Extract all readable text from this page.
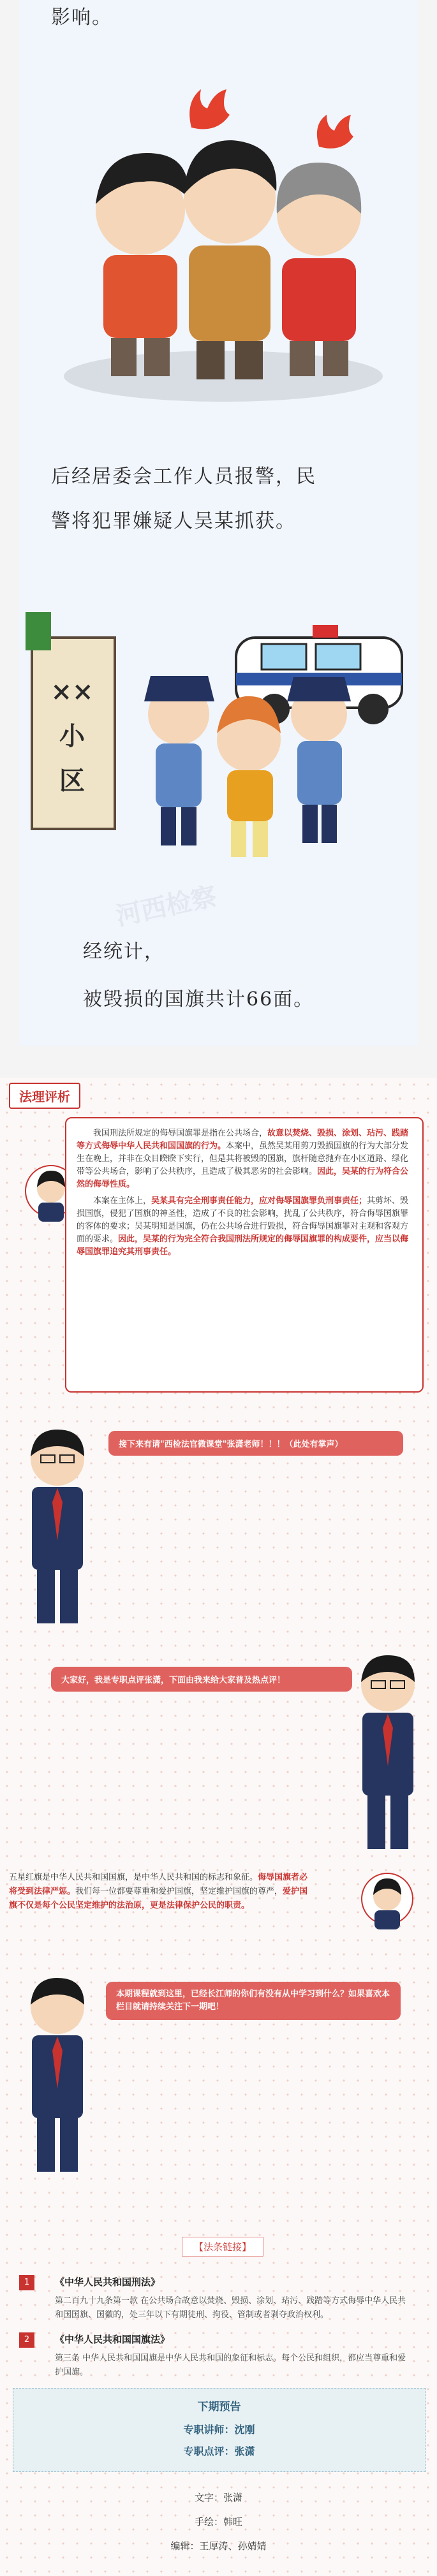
影响。
后经居委会工作人员报警，民
警将犯罪嫌疑人吴某抓获。
××小区
河西检察
经统计，
被毁损的国旗共计66面。
法理评析

我国刑法所规定的侮辱国旗罪是指在公共场合，故意以焚烧、毁损、涂划、玷污、践踏等方式侮辱中华人民共和国国旗的行为。本案中，虽然吴某用剪刀毁损国旗的行为大部分发生在晚上，并非在众目睽睽下实行，但是其将被毁的国旗，旗杆随意抛弃在小区道路、绿化带等公共场合，影响了公共秩序，且造成了极其恶劣的社会影响。因此，吴某的行为符合公然的侮辱性质。

本案在主体上，吴某具有完全刑事责任能力，应对侮辱国旗罪负刑事责任；其剪坏、毁损国旗，侵犯了国旗的神圣性，造成了不良的社会影响，扰乱了公共秩序，符合侮辱国旗罪的客体的要求；吴某明知是国旗，仍在公共场合进行毁损，符合侮辱国旗罪对主观和客观方面的要求。因此，吴某的行为完全符合我国刑法所规定的侮辱国旗罪的构成要件，应当以侮辱国旗罪追究其刑事责任。

接下来有请"西检法官微课堂"张潇老师！！！（此处有掌声）
大家好，我是专职点评张潇，下面由我来给大家普及热点评！
五星红旗是中华人民共和国国旗，是中华人民共和国的标志和象征。侮辱国旗者必将受到法律严惩。我们每一位都要尊重和爱护国旗，坚定维护国旗的尊严，爱护国旗不仅是每个公民坚定维护的法治原，更是法律保护公民的职责。
本期课程就到这里，已经长江师的你们有没有从中学习到什么？如果喜欢本栏目就请持续关注下一期吧！
【法条链接】
1	《中华人民共和国刑法》
第二百九十九条第一款 在公共场合故意以焚烧、毁损、涂划、玷污、践踏等方式侮辱中华人民共和国国旗、国徽的，处三年以下有期徒刑、拘役、管制或者剥夺政治权利。
2	《中华人民共和国国旗法》
第三条 中华人民共和国国旗是中华人民共和国的象征和标志。每个公民和组织，都应当尊重和爱护国旗。
下期预告
专职讲师：沈刚
专职点评：张潇
文字：张潇
手绘：韩旺
编辑：王厚涛、孙婧婧
